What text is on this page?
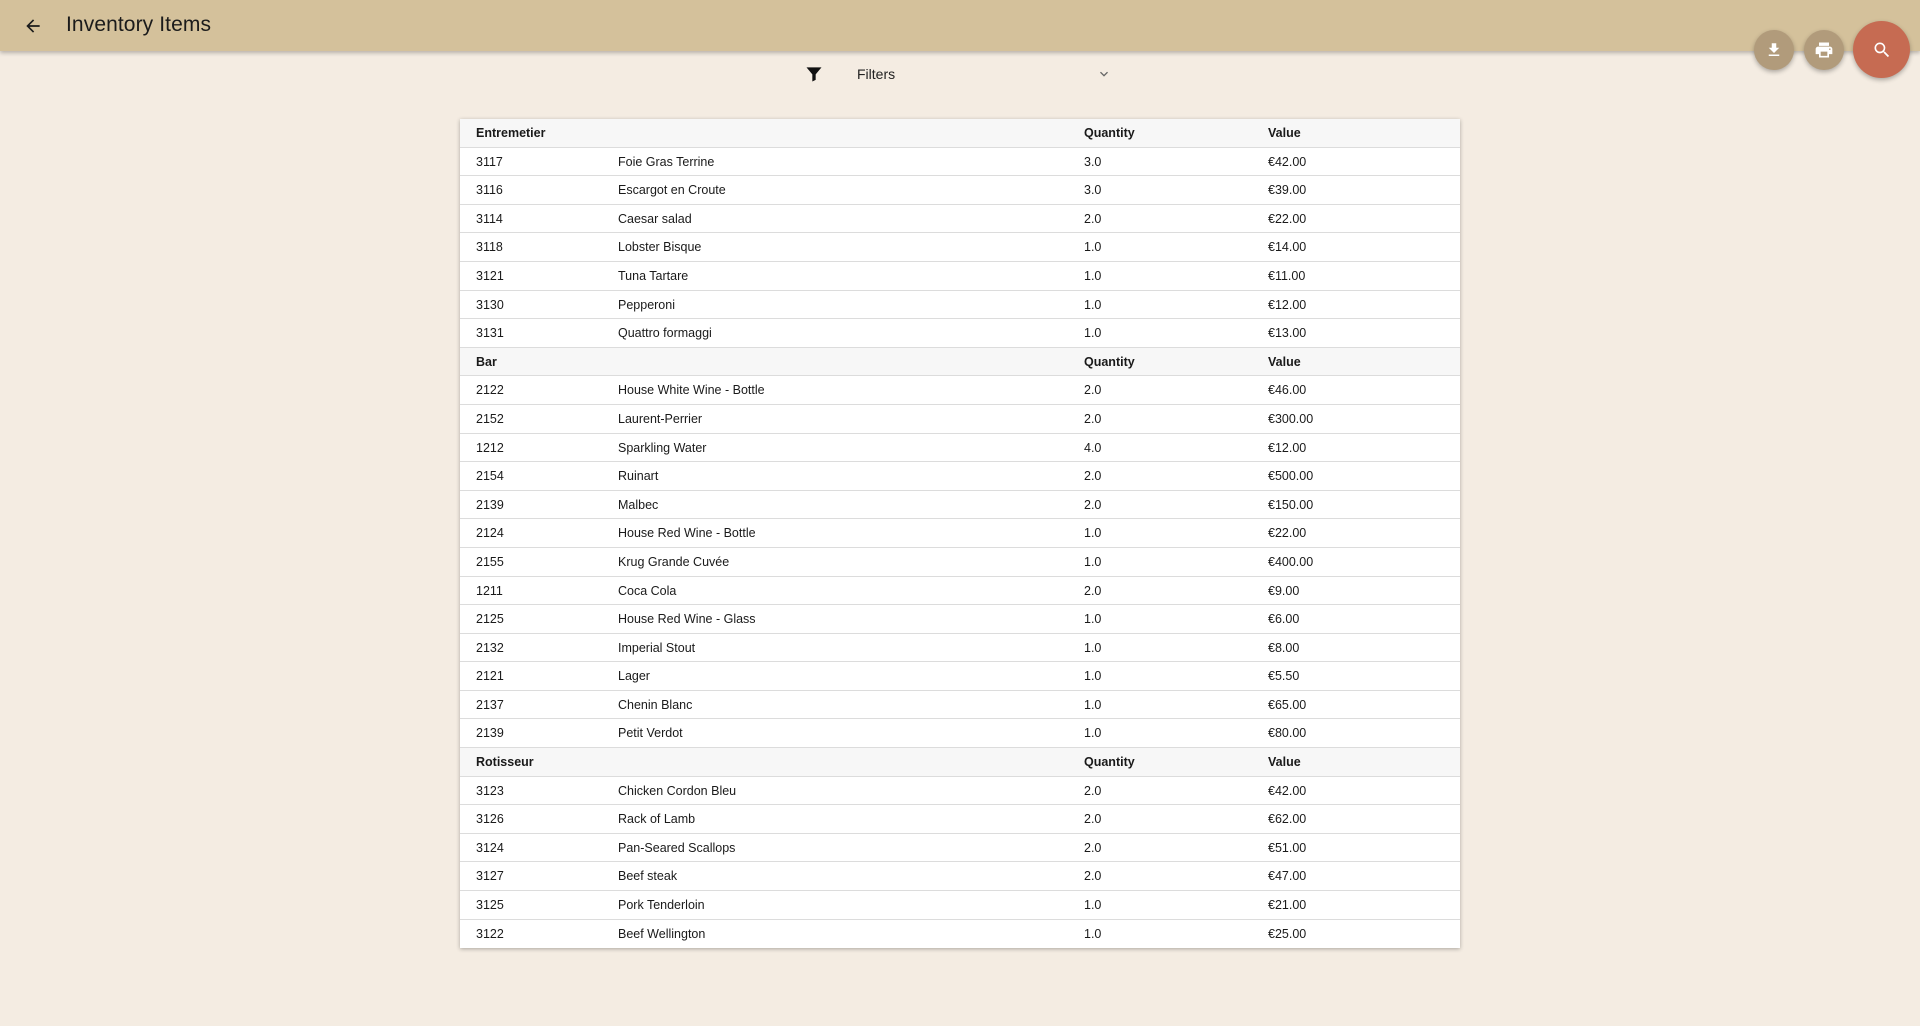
Inventory Items
Filters
Entremetier	Quantity	Value
3117	Foie Gras Terrine	3.0	€42.00
3116	Escargot en Croute	3.0	€39.00
3114	Caesar salad	2.0	€22.00
3118	Lobster Bisque	1.0	€14.00
3121	Tuna Tartare	1.0	€11.00
3130	Pepperoni	1.0	€12.00
3131	Quattro formaggi	1.0	€13.00
Bar	Quantity	Value
2122	House White Wine - Bottle	2.0	€46.00
2152	Laurent-Perrier	2.0	€300.00
1212	Sparkling Water	4.0	€12.00
2154	Ruinart	2.0	€500.00
2139	Malbec	2.0	€150.00
2124	House Red Wine - Bottle	1.0	€22.00
2155	Krug Grande Cuvée	1.0	€400.00
1211	Coca Cola	2.0	€9.00
2125	House Red Wine - Glass	1.0	€6.00
2132	Imperial Stout	1.0	€8.00
2121	Lager	1.0	€5.50
2137	Chenin Blanc	1.0	€65.00
2139	Petit Verdot	1.0	€80.00
Rotisseur	Quantity	Value
3123	Chicken Cordon Bleu	2.0	€42.00
3126	Rack of Lamb	2.0	€62.00
3124	Pan-Seared Scallops	2.0	€51.00
3127	Beef steak	2.0	€47.00
3125	Pork Tenderloin	1.0	€21.00
3122	Beef Wellington	1.0	€25.00
